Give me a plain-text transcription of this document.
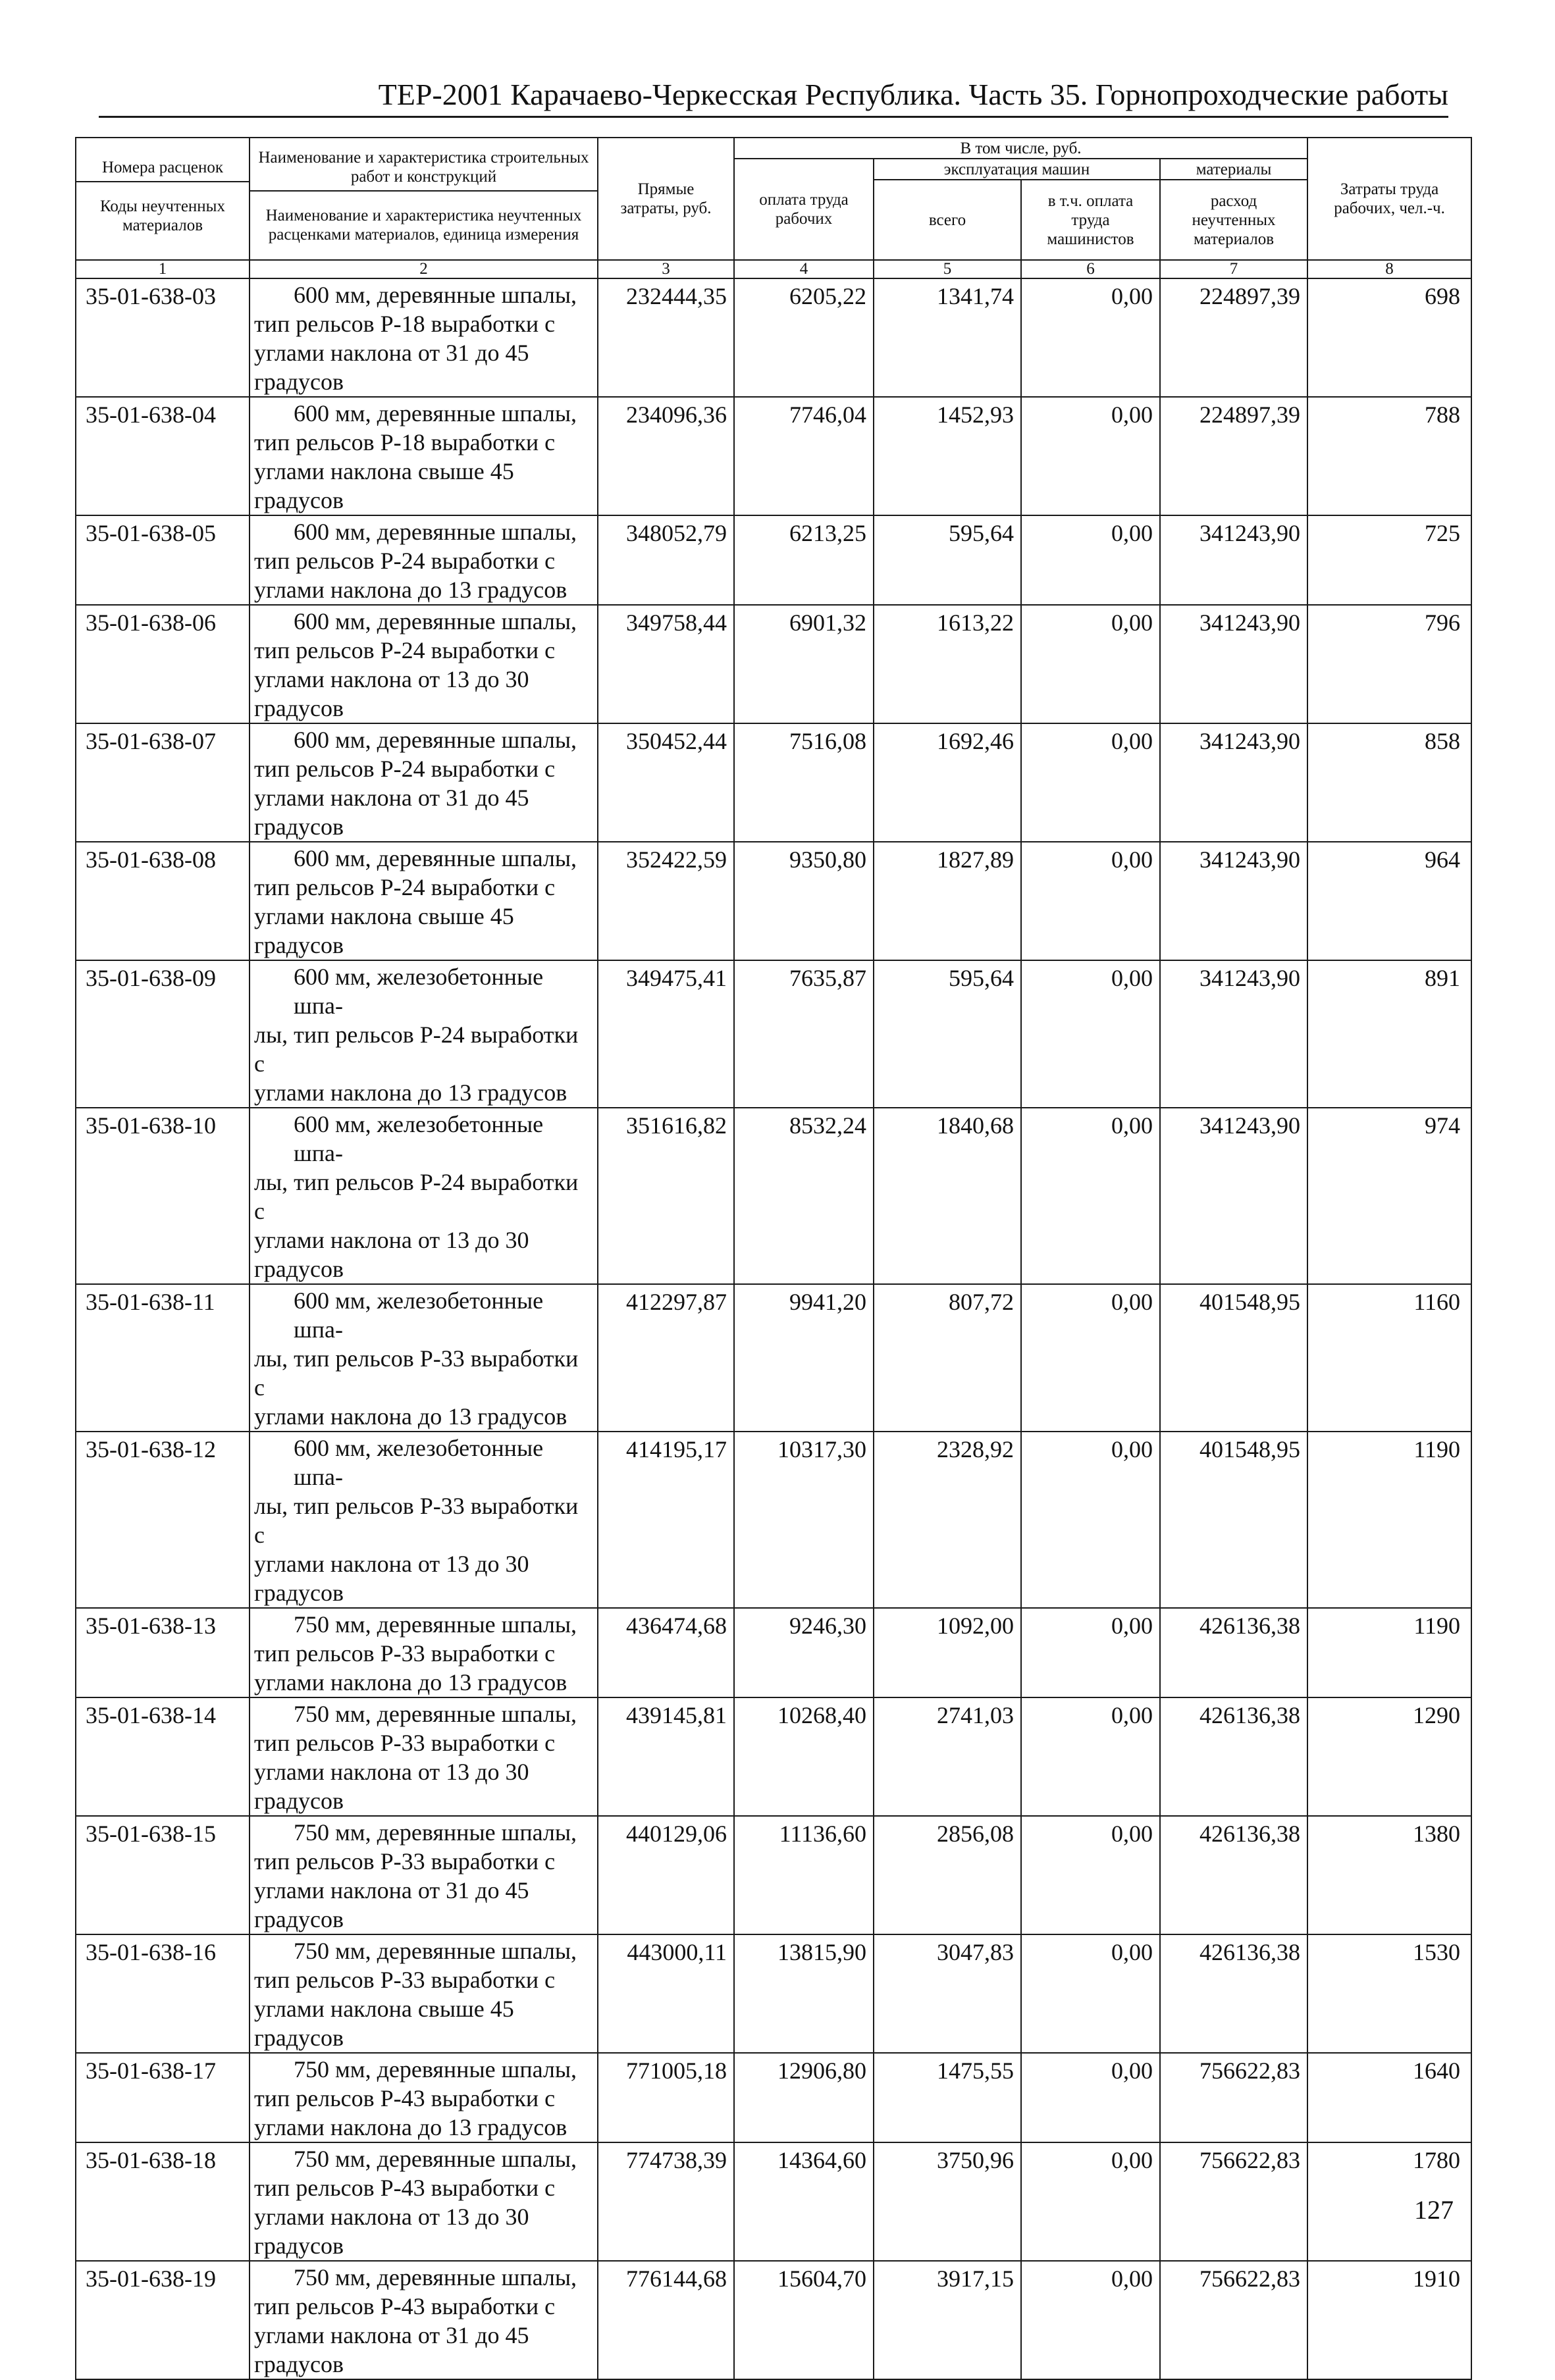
ТЕР-2001 Карачаево-Черкесская Республика. Часть 35. Горнопроходческие работы
Номера расценок
Коды неучтенных материалов	Наименование и характеристика строительных работ и конструкций
Наименование и характеристика неучтенных расценками материалов, единица измерения	Прямые затраты, руб.	В том числе, руб.				Затраты труда рабочих, чел.-ч.
			оплата труда рабочих	эксплуатация машин		материалы	
				всего	в т.ч. оплата труда машинистов	расход неучтенных материалов	
1	2	3	4	5	6	7	8
35-01-638-03	600 мм, деревянные шпалы,
тип рельсов Р-18 выработки с
углами наклона от 31 до 45
градусов	232444,35	6205,22	1341,74	0,00	224897,39	698
35-01-638-04	600 мм, деревянные шпалы,
тип рельсов Р-18 выработки с
углами наклона свыше 45
градусов	234096,36	7746,04	1452,93	0,00	224897,39	788
35-01-638-05	600 мм, деревянные шпалы,
тип рельсов Р-24 выработки с
углами наклона до 13 градусов	348052,79	6213,25	595,64	0,00	341243,90	725
35-01-638-06	600 мм, деревянные шпалы,
тип рельсов Р-24 выработки с
углами наклона от 13 до 30
градусов	349758,44	6901,32	1613,22	0,00	341243,90	796
35-01-638-07	600 мм, деревянные шпалы,
тип рельсов Р-24 выработки с
углами наклона от 31 до 45
градусов	350452,44	7516,08	1692,46	0,00	341243,90	858
35-01-638-08	600 мм, деревянные шпалы,
тип рельсов Р-24 выработки с
углами наклона свыше 45
градусов	352422,59	9350,80	1827,89	0,00	341243,90	964
35-01-638-09	600 мм, железобетонные шпа-
лы, тип рельсов Р-24 выработки с
углами наклона до 13 градусов	349475,41	7635,87	595,64	0,00	341243,90	891
35-01-638-10	600 мм, железобетонные шпа-
лы, тип рельсов Р-24 выработки с
углами наклона от 13 до 30
градусов	351616,82	8532,24	1840,68	0,00	341243,90	974
35-01-638-11	600 мм, железобетонные шпа-
лы, тип рельсов Р-33 выработки с
углами наклона до 13 градусов	412297,87	9941,20	807,72	0,00	401548,95	1160
35-01-638-12	600 мм, железобетонные шпа-
лы, тип рельсов Р-33 выработки с
углами наклона от 13 до 30
градусов	414195,17	10317,30	2328,92	0,00	401548,95	1190
35-01-638-13	750 мм, деревянные шпалы,
тип рельсов Р-33 выработки с
углами наклона до 13 градусов	436474,68	9246,30	1092,00	0,00	426136,38	1190
35-01-638-14	750 мм, деревянные шпалы,
тип рельсов Р-33 выработки с
углами наклона от 13 до 30
градусов	439145,81	10268,40	2741,03	0,00	426136,38	1290
35-01-638-15	750 мм, деревянные шпалы,
тип рельсов Р-33 выработки с
углами наклона от 31 до 45
градусов	440129,06	11136,60	2856,08	0,00	426136,38	1380
35-01-638-16	750 мм, деревянные шпалы,
тип рельсов Р-33 выработки с
углами наклона свыше 45
градусов	443000,11	13815,90	3047,83	0,00	426136,38	1530
35-01-638-17	750 мм, деревянные шпалы,
тип рельсов Р-43 выработки с
углами наклона до 13 градусов	771005,18	12906,80	1475,55	0,00	756622,83	1640
35-01-638-18	750 мм, деревянные шпалы,
тип рельсов Р-43 выработки с
углами наклона от 13 до 30
градусов	774738,39	14364,60	3750,96	0,00	756622,83	1780
35-01-638-19	750 мм, деревянные шпалы,
тип рельсов Р-43 выработки с
углами наклона от 31 до 45
градусов	776144,68	15604,70	3917,15	0,00	756622,83	1910
127
